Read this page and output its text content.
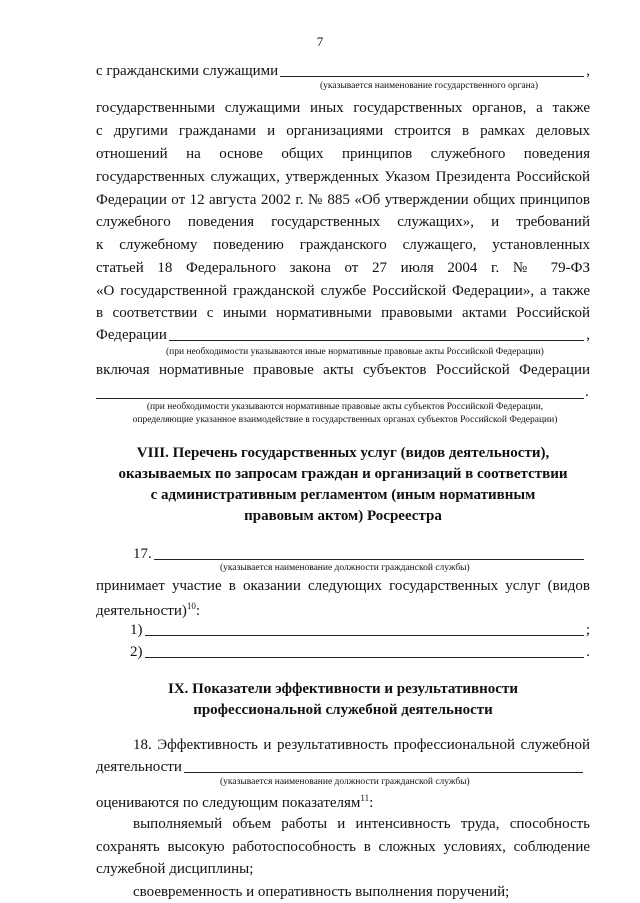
7
с гражданскими служащими	,
(указывается наименование государственного органа)
государственными служащими иных государственных органов, а также
с другими гражданами и организациями строится в рамках деловых
отношений на основе общих принципов служебного поведения
государственных служащих, утвержденных Указом Президента Российской
Федерации от 12 августа 2002 г. № 885 «Об утверждении общих принципов
служебного поведения государственных служащих», и требований
к служебному поведению гражданского служащего, установленных
статьей 18 Федерального закона от 27 июля 2004 г. № 79-ФЗ
«О государственной гражданской службе Российской Федерации», а также
в соответствии с иными нормативными правовыми актами Российской
Федерации	,
(при необходимости указываются иные нормативные правовые акты Российской Федерации)
включая нормативные правовые акты субъектов Российской Федерации
.
(при необходимости указываются нормативные правовые акты субъектов Российской Федерации,
определяющие указанное взаимодействие в государственных органах субъектов Российской Федерации)
VIII. Перечень государственных услуг (видов деятельности),
оказываемых по запросам граждан и организаций в соответствии
с административным регламентом (иным нормативным
правовым актом) Росреестра
17.
(указывается наименование должности гражданской службы)
принимает участие в оказании следующих государственных услуг (видов
деятельности)$^{10}$:
1)	;
2)	.
IX. Показатели эффективности и результативности
профессиональной служебной деятельности
18. Эффективность и результативность профессиональной служебной
деятельности
(указывается наименование должности гражданской службы)
оцениваются по следующим показателям$^{11}$:
выполняемый объем работы и интенсивность труда, способность
сохранять высокую работоспособность в сложных условиях, соблюдение
служебной дисциплины;
своевременность и оперативность выполнения поручений;
